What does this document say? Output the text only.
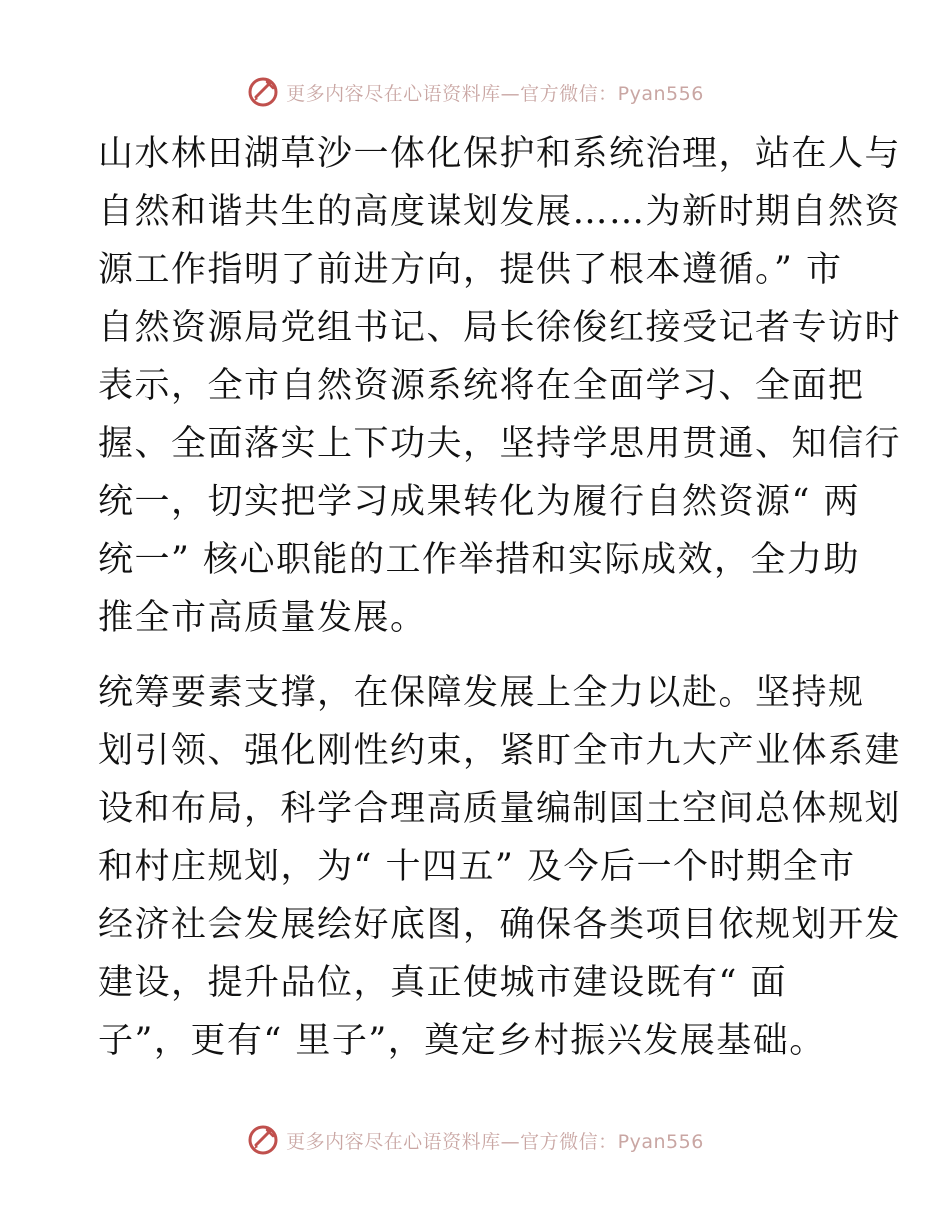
更多内容尽在心语资料库—官方微信：Pyan556

山水林田湖草沙一体化保护和系统治理，站在人与
自然和谐共生的高度谋划发展……为新时期自然资
源工作指明了前进方向，提供了根本遵循。” 市
自然资源局党组书记、局长徐俊红接受记者专访时
表示，全市自然资源系统将在全面学习、全面把
握、全面落实上下功夫，坚持学思用贯通、知信行
统一，切实把学习成果转化为履行自然资源“ 两
统一” 核心职能的工作举措和实际成效，全力助
推全市高质量发展。

统筹要素支撑，在保障发展上全力以赴。坚持规
划引领、强化刚性约束，紧盯全市九大产业体系建
设和布局，科学合理高质量编制国土空间总体规划
和村庄规划，为“ 十四五” 及今后一个时期全市
经济社会发展绘好底图，确保各类项目依规划开发
建设，提升品位，真正使城市建设既有“ 面
子”，更有“ 里子”，奠定乡村振兴发展基础。

更多内容尽在心语资料库—官方微信：Pyan556
